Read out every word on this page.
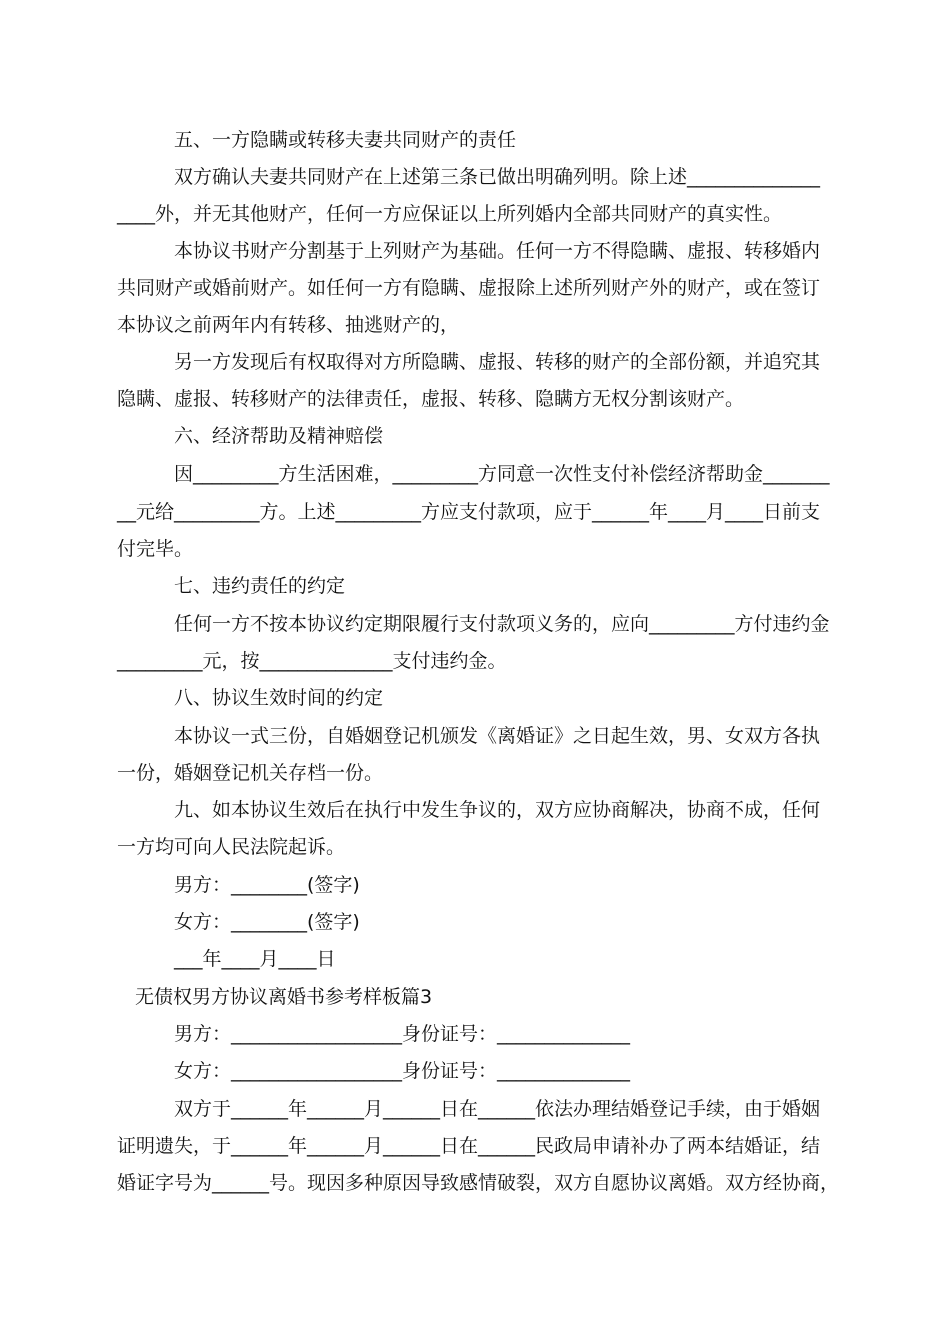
五、一方隐瞒或转移夫妻共同财产的责任
双方确认夫妻共同财产在上述第三条已做出明确列明。除上述______________
____外，并无其他财产，任何一方应保证以上所列婚内全部共同财产的真实性。
本协议书财产分割基于上列财产为基础。任何一方不得隐瞒、虚报、转移婚内
共同财产或婚前财产。如任何一方有隐瞒、虚报除上述所列财产外的财产，或在签订
本协议之前两年内有转移、抽逃财产的，
另一方发现后有权取得对方所隐瞒、虚报、转移的财产的全部份额，并追究其
隐瞒、虚报、转移财产的法律责任，虚报、转移、隐瞒方无权分割该财产。
六、经济帮助及精神赔偿
因_________方生活困难，_________方同意一次性支付补偿经济帮助金_______
__元给_________方。上述_________方应支付款项，应于______年____月____日前支
付完毕。
七、违约责任的约定
任何一方不按本协议约定期限履行支付款项义务的，应向_________方付违约金
_________元，按______________支付违约金。
八、协议生效时间的约定
本协议一式三份，自婚姻登记机颁发《离婚证》之日起生效，男、女双方各执
一份，婚姻登记机关存档一份。
九、如本协议生效后在执行中发生争议的，双方应协商解决，协商不成，任何
一方均可向人民法院起诉。
男方：________(签字)
女方：________(签字)
___年____月____日
无债权男方协议离婚书参考样板篇3
男方：__________________身份证号：______________
女方：__________________身份证号：______________
双方于______年______月______日在______依法办理结婚登记手续，由于婚姻
证明遗失，于______年______月______日在______民政局申请补办了两本结婚证，结
婚证字号为______号。现因多种原因导致感情破裂，双方自愿协议离婚。双方经协商，
